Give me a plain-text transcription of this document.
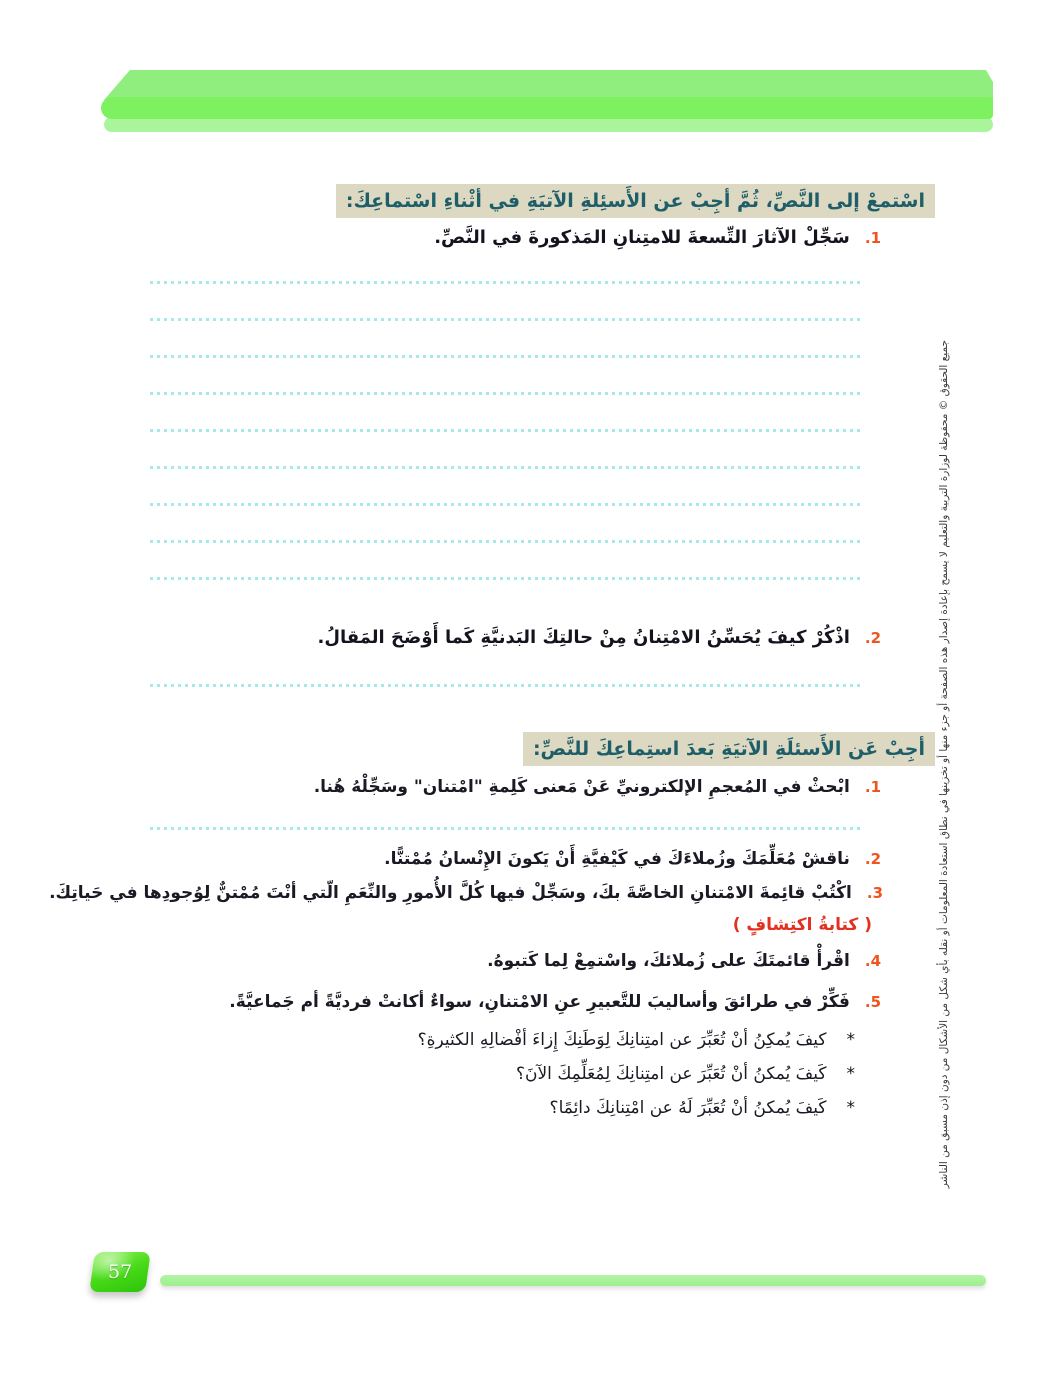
اسْتمعْ إلى النَّصِّ، ثُمَّ أجِبْ عن الأَسئِلةِ الآتيَةِ في أثْناءِ اسْتماعِكَ:
1.
سَجِّلْ الآثارَ التِّسعةَ للامتِنانِ المَذكورةَ في النَّصِّ.
2.
اذْكُرْ كيفَ يُحَسِّنُ الامْتِنانُ مِنْ حالتِكَ البَدنيَّةِ كَما أَوْضَحَ المَقالُ.
أجِبْ عَن الأَسئلَةِ الآتيَةِ بَعدَ استِماعِكَ للنَّصِّ:
1.
ابْحثْ في المُعجمِ الإلكترونيِّ عَنْ مَعنى كَلِمةِ "امْتنان" وسَجِّلْهُ هُنا.
2.
ناقشْ مُعَلِّمَكَ وزُملاءَكَ في كَيْفيَّةِ أَنْ يَكونَ الإِنْسانُ مُمْتنًّا.
3.
اكْتُبْ قائِمةَ الامْتنانِ الخاصَّةَ بكَ، وسَجِّلْ فيها كُلَّ الأُمورِ والنِّعَمِ الّتي أنْتَ مُمْتنٌّ لِوُجودِها في حَياتِكَ.
( كتابةُ اكتِشافٍ )
4.
اقْرأْ قائمتَكَ على زُملائكَ، واسْتمِعْ لِما كَتبوهُ.
5.
فَكِّرْ في طرائقَ وأساليبَ للتَّعبيرِ عنِ الامْتنانِ، سواءٌ أكانتْ فرديَّةً أم جَماعيَّةً.
*
كيفَ يُمكِنُ أنْ تُعَبِّرَ عن امتِنانِكَ لِوَطَنِكَ إِزاءَ أفْضالِهِ الكثيرةِ؟
*
كَيفَ يُمكنُ أنْ تُعَبِّرَ عن امتِنانِكَ لِمُعَلِّمِكَ الآنَ؟
*
كَيفَ يُمكنُ أنْ تُعَبِّرَ لَهُ عن امْتِنانِكَ دائِمًا؟	جميع الحقوق © محفوظة لوزارة التربية والتعليم لا يسمح بإعادة إصدار هذه الصفحة أو جزء منها أو تخزينها في نطاق استعادة المعلومات أو نقله بأي شكل من الأشكال من دون إذن مسبق من الناشر
57
